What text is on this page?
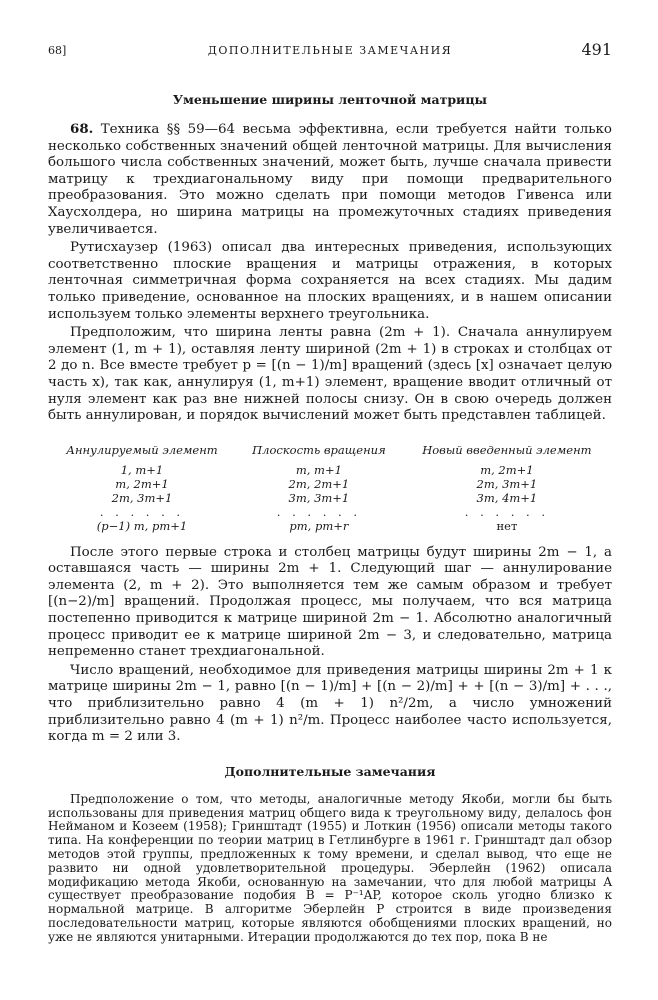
68]	ДОПОЛНИТЕЛЬНЫЕ ЗАМЕЧАНИЯ	491
Уменьшение ширины ленточной матрицы

68. Техника §§ 59—64 весьма эффективна, если требуется найти только несколько собственных значений общей ленточной матрицы. Для вычисления большого числа собственных значений, может быть, лучше сначала привести матрицу к трехдиагональному виду при помощи предварительного преобразования. Это можно сделать при помощи методов Гивенса или Хаусхолдера, но ширина матрицы на промежуточных стадиях приведения увеличивается.

Рутисхаузер (1963) описал два интересных приведения, использующих соответственно плоские вращения и матрицы отражения, в которых ленточная симметричная форма сохраняется на всех стадиях. Мы дадим только приведение, основанное на плоских вращениях, и в нашем описании используем только элементы верхнего треугольника.

Предположим, что ширина ленты равна (2m + 1). Сначала аннулируем элемент (1, m + 1), оставляя ленту шириной (2m + 1) в строках и столбцах от 2 до n. Все вместе требует p = [(n − 1)/m] вращений (здесь [x] означает целую часть x), так как, аннулируя (1, m+1) элемент, вращение вводит отличный от нуля элемент как раз вне нижней полосы снизу. Он в свою очередь должен быть аннулирован, и порядок вычислений может быть представлен таблицей.

Аннулируемый элемент	Плоскость вращения	Новый введенный элемент
1, m+1	m, m+1	m, 2m+1
m, 2m+1	2m, 2m+1	2m, 3m+1
2m, 3m+1	3m, 3m+1	3m, 4m+1
. . . . . .	. . . . . .	. . . . . .
(p−1) m, pm+1	pm, pm+r	нет

После этого первые строка и столбец матрицы будут ширины 2m − 1, а оставшаяся часть — ширины 2m + 1. Следующий шаг — аннулирование элемента (2, m + 2). Это выполняется тем же самым образом и требует [(n−2)/m] вращений. Продолжая процесс, мы получаем, что вся матрица постепенно приводится к матрице шириной 2m − 1. Абсолютно аналогичный процесс приводит ее к матрице шириной 2m − 3, и следовательно, матрица непременно станет трехдиагональной.

Число вращений, необходимое для приведения матрицы ширины 2m + 1 к матрице ширины 2m − 1, равно [(n − 1)/m] + [(n − 2)/m] + + [(n − 3)/m] + . . ., что приблизительно равно 4 (m + 1) n²/2m, а число умножений приблизительно равно 4 (m + 1) n²/m. Процесс наиболее часто используется, когда m = 2 или 3.

Дополнительные замечания

Предположение о том, что методы, аналогичные методу Якоби, могли бы быть использованы для приведения матриц общего вида к треугольному виду, делалось фон Нейманом и Козеем (1958); Гринштадт (1955) и Лоткин (1956) описали методы такого типа. На конференции по теории матриц в Гетлинбурге в 1961 г. Гринштадт дал обзор методов этой группы, предложенных к тому времени, и сделал вывод, что еще не развито ни одной удовлетворительной процедуры. Эберлейн (1962) описала модификацию метода Якоби, основанную на замечании, что для любой матрицы A существует преобразование подобия B = P⁻¹AP, которое сколь угодно близко к нормальной матрице. В алгоритме Эберлейн P строится в виде произведения последовательности матриц, которые являются обобщениями плоских вращений, но уже не являются унитарными. Итерации продолжаются до тех пор, пока B не
